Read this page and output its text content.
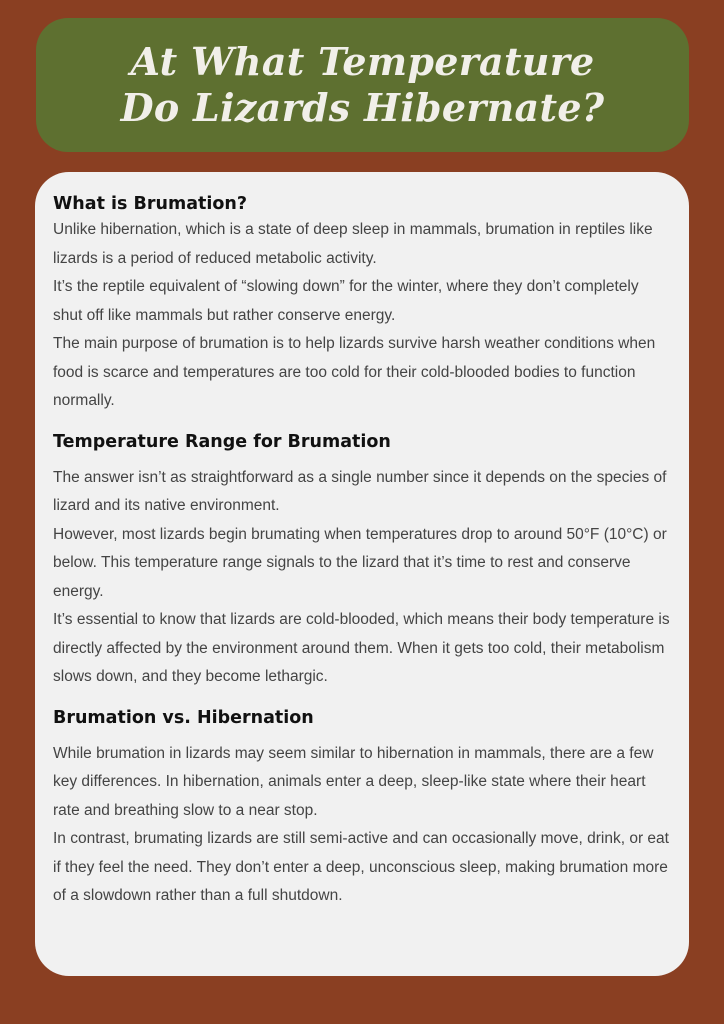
At What Temperature
Do Lizards Hibernate?
What is Brumation?

Unlike hibernation, which is a state of deep sleep in mammals, brumation in reptiles like lizards is a period of reduced metabolic activity.

It’s the reptile equivalent of “slowing down” for the winter, where they don’t completely shut off like mammals but rather conserve energy.

The main purpose of brumation is to help lizards survive harsh weather conditions when food is scarce and temperatures are too cold for their cold-blooded bodies to function normally.

Temperature Range for Brumation

The answer isn’t as straightforward as a single number since it depends on the species of lizard and its native environment.

However, most lizards begin brumating when temperatures drop to around 50°F (10°C) or below. This temperature range signals to the lizard that it’s time to rest and conserve energy.

It’s essential to know that lizards are cold-blooded, which means their body temperature is directly affected by the environment around them. When it gets too cold, their metabolism slows down, and they become lethargic.

Brumation vs. Hibernation

While brumation in lizards may seem similar to hibernation in mammals, there are a few key differences. In hibernation, animals enter a deep, sleep-like state where their heart rate and breathing slow to a near stop.

In contrast, brumating lizards are still semi-active and can occasionally move, drink, or eat if they feel the need. They don’t enter a deep, unconscious sleep, making brumation more of a slowdown rather than a full shutdown.
